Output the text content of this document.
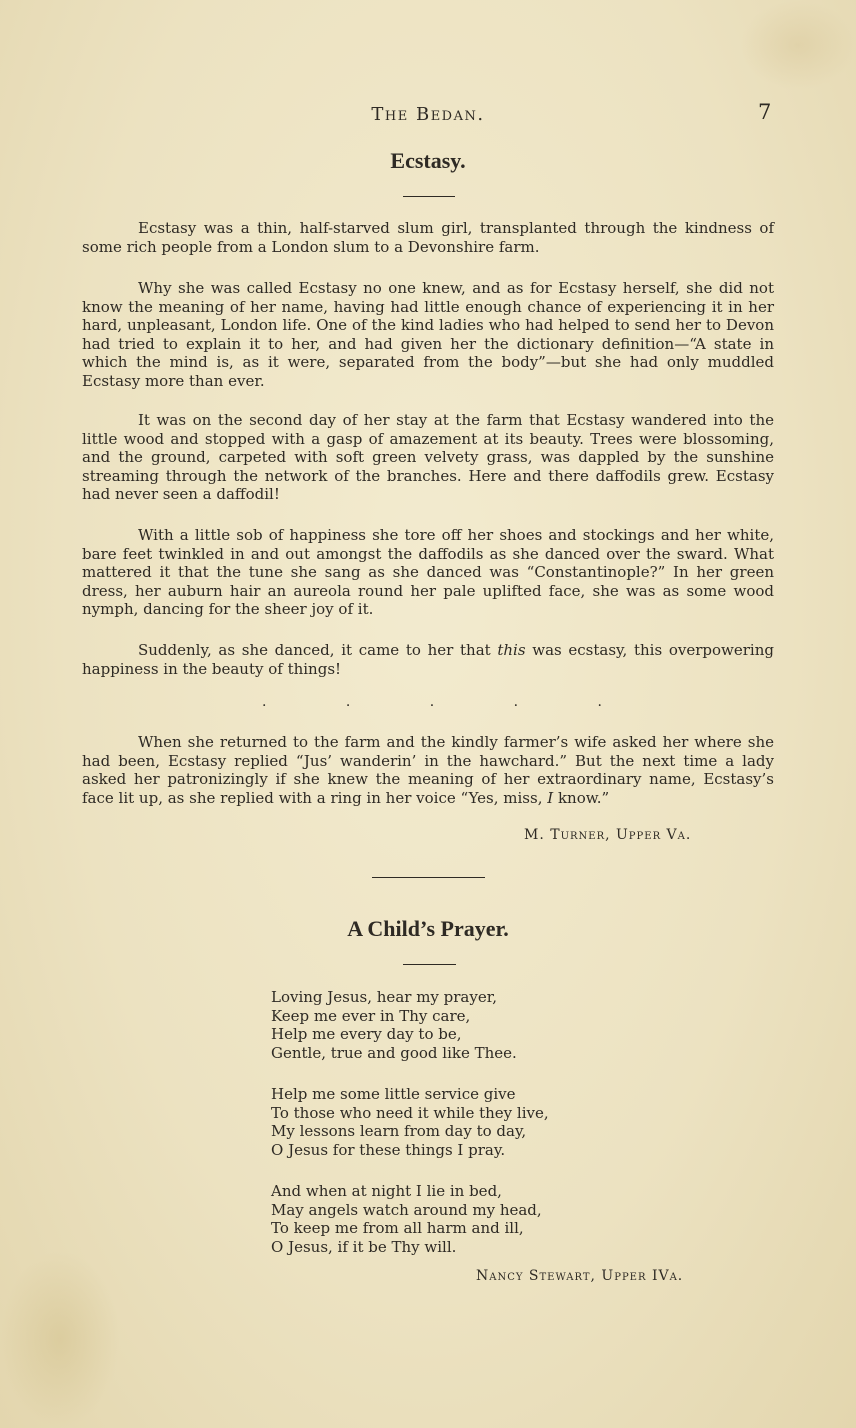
The Bedan.	7
Ecstasy.

Ecstasy was a thin, half-starved slum girl, transplanted through the kindness of some rich people from a London slum to a Devonshire farm.

Why she was called Ecstasy no one knew, and as for Ecstasy herself, she did not know the meaning of her name, having had little enough chance of experiencing it in her hard, unpleasant, London life. One of the kind ladies who had helped to send her to Devon had tried to explain it to her, and had given her the dictionary definition—“A state in which the mind is, as it were, separated from the body”—but she had only muddled Ecstasy more than ever.

It was on the second day of her stay at the farm that Ecstasy wandered into the little wood and stopped with a gasp of amazement at its beauty. Trees were blossoming, and the ground, carpeted with soft green velvety grass, was dappled by the sunshine streaming through the network of the branches. Here and there daffodils grew. Ecstasy had never seen a daffodil!

With a little sob of happiness she tore off her shoes and stockings and her white, bare feet twinkled in and out amongst the daffodils as she danced over the sward. What mattered it that the tune she sang as she danced was “Constantinople?” In her green dress, her auburn hair an aureola round her pale uplifted face, she was as some wood nymph, dancing for the sheer joy of it.

Suddenly, as she danced, it came to her that this was ecstasy, this overpowering happiness in the beauty of things!

·	·	·	·	·

When she returned to the farm and the kindly farmer’s wife asked her where she had been, Ecstasy replied “Jus’ wanderin’ in the hawchard.” But the next time a lady asked her patronizingly if she knew the meaning of her extraordinary name, Ecstasy’s face lit up, as she replied with a ring in her voice “Yes, miss, I know.”

M. Turner, Upper Va.
A Child’s Prayer.
Loving Jesus, hear my prayer,
Keep me ever in Thy care,
Help me every day to be,
Gentle, true and good like Thee.
Help me some little service give
To those who need it while they live,
My lessons learn from day to day,
O Jesus for these things I pray.
And when at night I lie in bed,
May angels watch around my head,
To keep me from all harm and ill,
O Jesus, if it be Thy will.
Nancy Stewart, Upper IVa.
